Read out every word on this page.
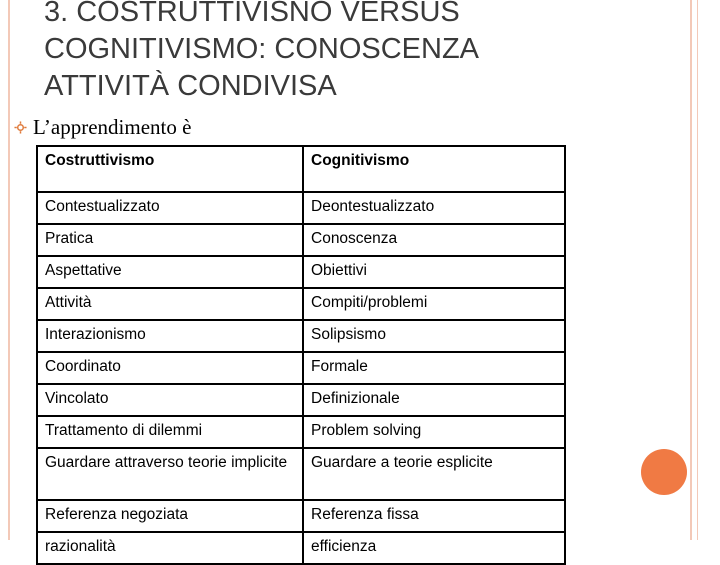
3. COSTRUTTIVISNO VERSUS
COGNITIVISMO: CONOSCENZA
ATTIVITÀ CONDIVISA
L’apprendimento è
Costruttivismo	Cognitivismo
Contestualizzato	Deontestualizzato
Pratica	Conoscenza
Aspettative	Obiettivi
Attività	Compiti/problemi
Interazionismo	Solipsismo
Coordinato	Formale
Vincolato	Definizionale
Trattamento di dilemmi	Problem solving
Guardare attraverso teorie implicite	Guardare a teorie esplicite
Referenza negoziata	Referenza fissa
razionalità	efficienza
